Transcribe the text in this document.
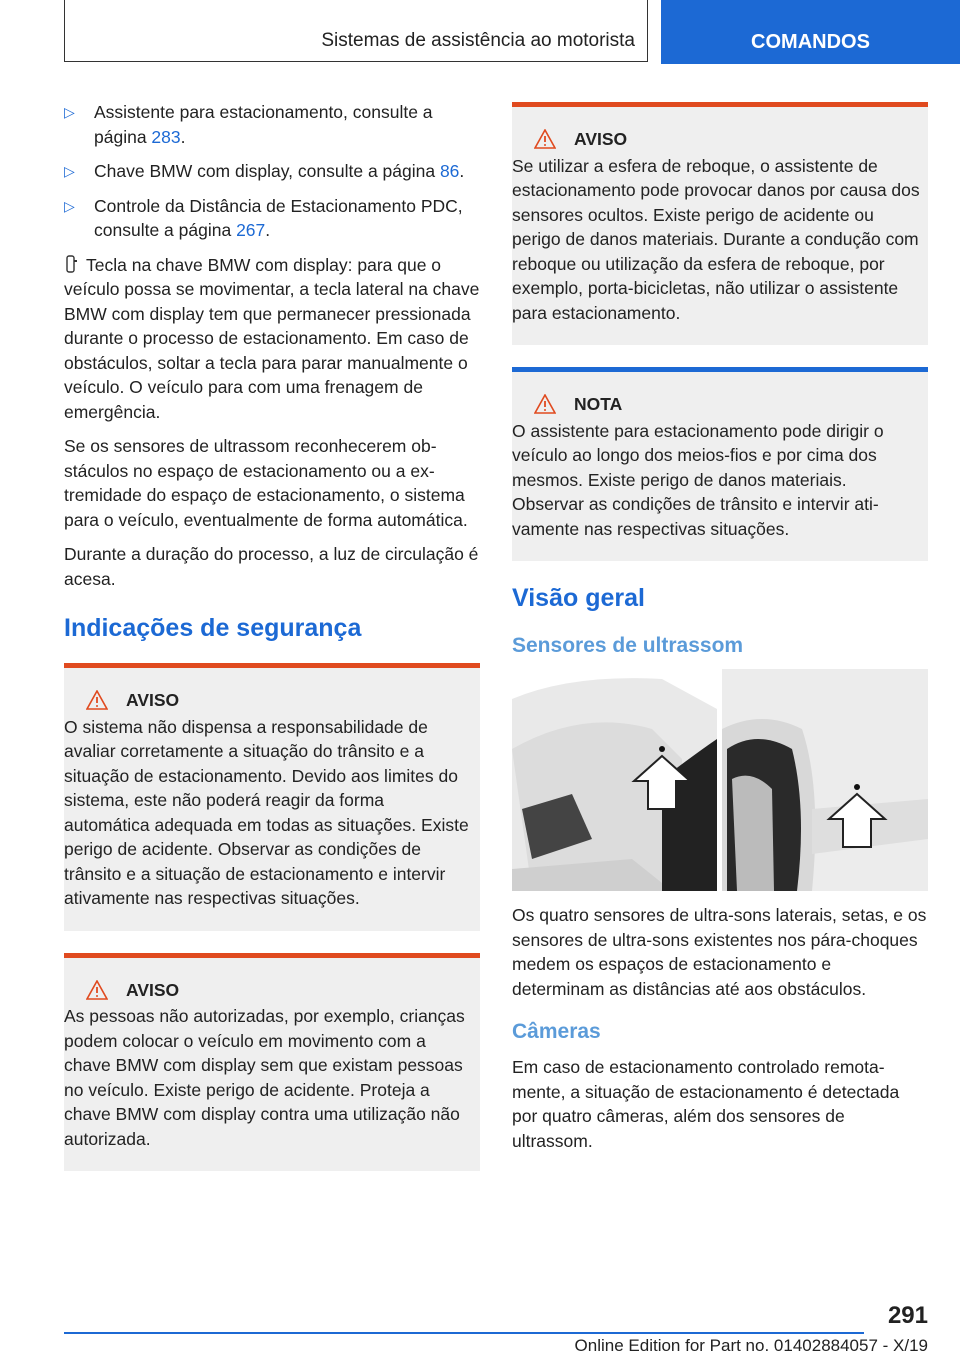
Sistemas de assistência ao motorista	COMANDOS
▷ Assistente para estacionamento, consulte a página 283.
▷ Chave BMW com display, consulte a página 86.
▷ Controle da Distância de Estacionamento PDC, consulte a página 267.

Tecla na chave BMW com display: para que o veículo possa se movimentar, a tecla lateral na chave BMW com display tem que permanecer pressionada durante o processo de estacionamento. Em caso de obstáculos, soltar a tecla para parar manualmente o veículo. O veículo para com uma frenagem de emergência.

Se os sensores de ultrassom reconhecerem obstáculos no espaço de estacionamento ou a extremidade do espaço de estacionamento, o sistema para o veículo, eventualmente de forma automática.

Durante a duração do processo, a luz de circulação é acesa.

Indicações de segurança
AVISO
O sistema não dispensa a responsabilidade de avaliar corretamente a situação do trânsito e a situação de estacionamento. Devido aos limites do sistema, este não poderá reagir da forma automática adequada em todas as situações. Existe perigo de acidente. Observar as condições de trânsito e a situação de estacionamento e intervir ativamente nas respectivas situações.
AVISO
As pessoas não autorizadas, por exemplo, crianças podem colocar o veículo em movimento com a chave BMW com display sem que existam pessoas no veículo. Existe perigo de acidente. Proteja a chave BMW com display contra uma utilização não autorizada.
AVISO
Se utilizar a esfera de reboque, o assistente de estacionamento pode provocar danos por causa dos sensores ocultos. Existe perigo de acidente ou perigo de danos materiais. Durante a condução com reboque ou utilização da esfera de reboque, por exemplo, porta-bicicletas, não utilizar o assistente para estacionamento.
NOTA
O assistente para estacionamento pode dirigir o veículo ao longo dos meios-fios e por cima dos mesmos. Existe perigo de danos materiais. Observar as condições de trânsito e intervir ativamente nas respectivas situações.
Visão geral
Sensores de ultrassom

Os quatro sensores de ultra-sons laterais, setas, e os sensores de ultra-sons existentes nos pára-choques medem os espaços de estacionamento e determinam as distâncias até aos obstáculos.

Câmeras

Em caso de estacionamento controlado remotamente, a situação de estacionamento é detectada por quatro câmeras, além dos sensores de ultrassom.

291
Online Edition for Part no. 01402884057 - X/19
